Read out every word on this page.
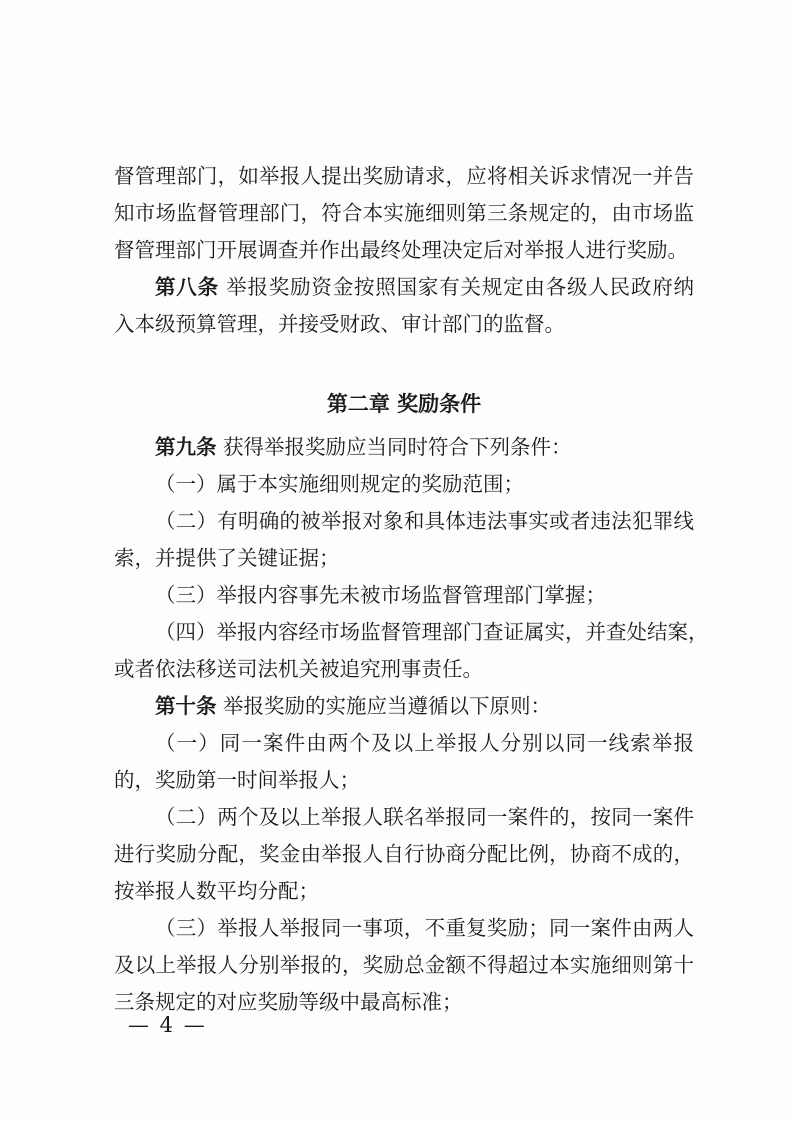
督管理部门，如举报人提出奖励请求，应将相关诉求情况一并告
知市场监督管理部门，符合本实施细则第三条规定的，由市场监
督管理部门开展调查并作出最终处理决定后对举报人进行奖励。
第八条 举报奖励资金按照国家有关规定由各级人民政府纳
入本级预算管理，并接受财政、审计部门的监督。
第二章 奖励条件
第九条 获得举报奖励应当同时符合下列条件：
（一）属于本实施细则规定的奖励范围；
（二）有明确的被举报对象和具体违法事实或者违法犯罪线
索，并提供了关键证据；
（三）举报内容事先未被市场监督管理部门掌握；
（四）举报内容经市场监督管理部门查证属实，并查处结案，
或者依法移送司法机关被追究刑事责任。
第十条 举报奖励的实施应当遵循以下原则：
（一）同一案件由两个及以上举报人分别以同一线索举报
的，奖励第一时间举报人；
（二）两个及以上举报人联名举报同一案件的，按同一案件
进行奖励分配，奖金由举报人自行协商分配比例，协商不成的，
按举报人数平均分配；
（三）举报人举报同一事项，不重复奖励；同一案件由两人
及以上举报人分别举报的，奖励总金额不得超过本实施细则第十
三条规定的对应奖励等级中最高标准；
— 4 —
